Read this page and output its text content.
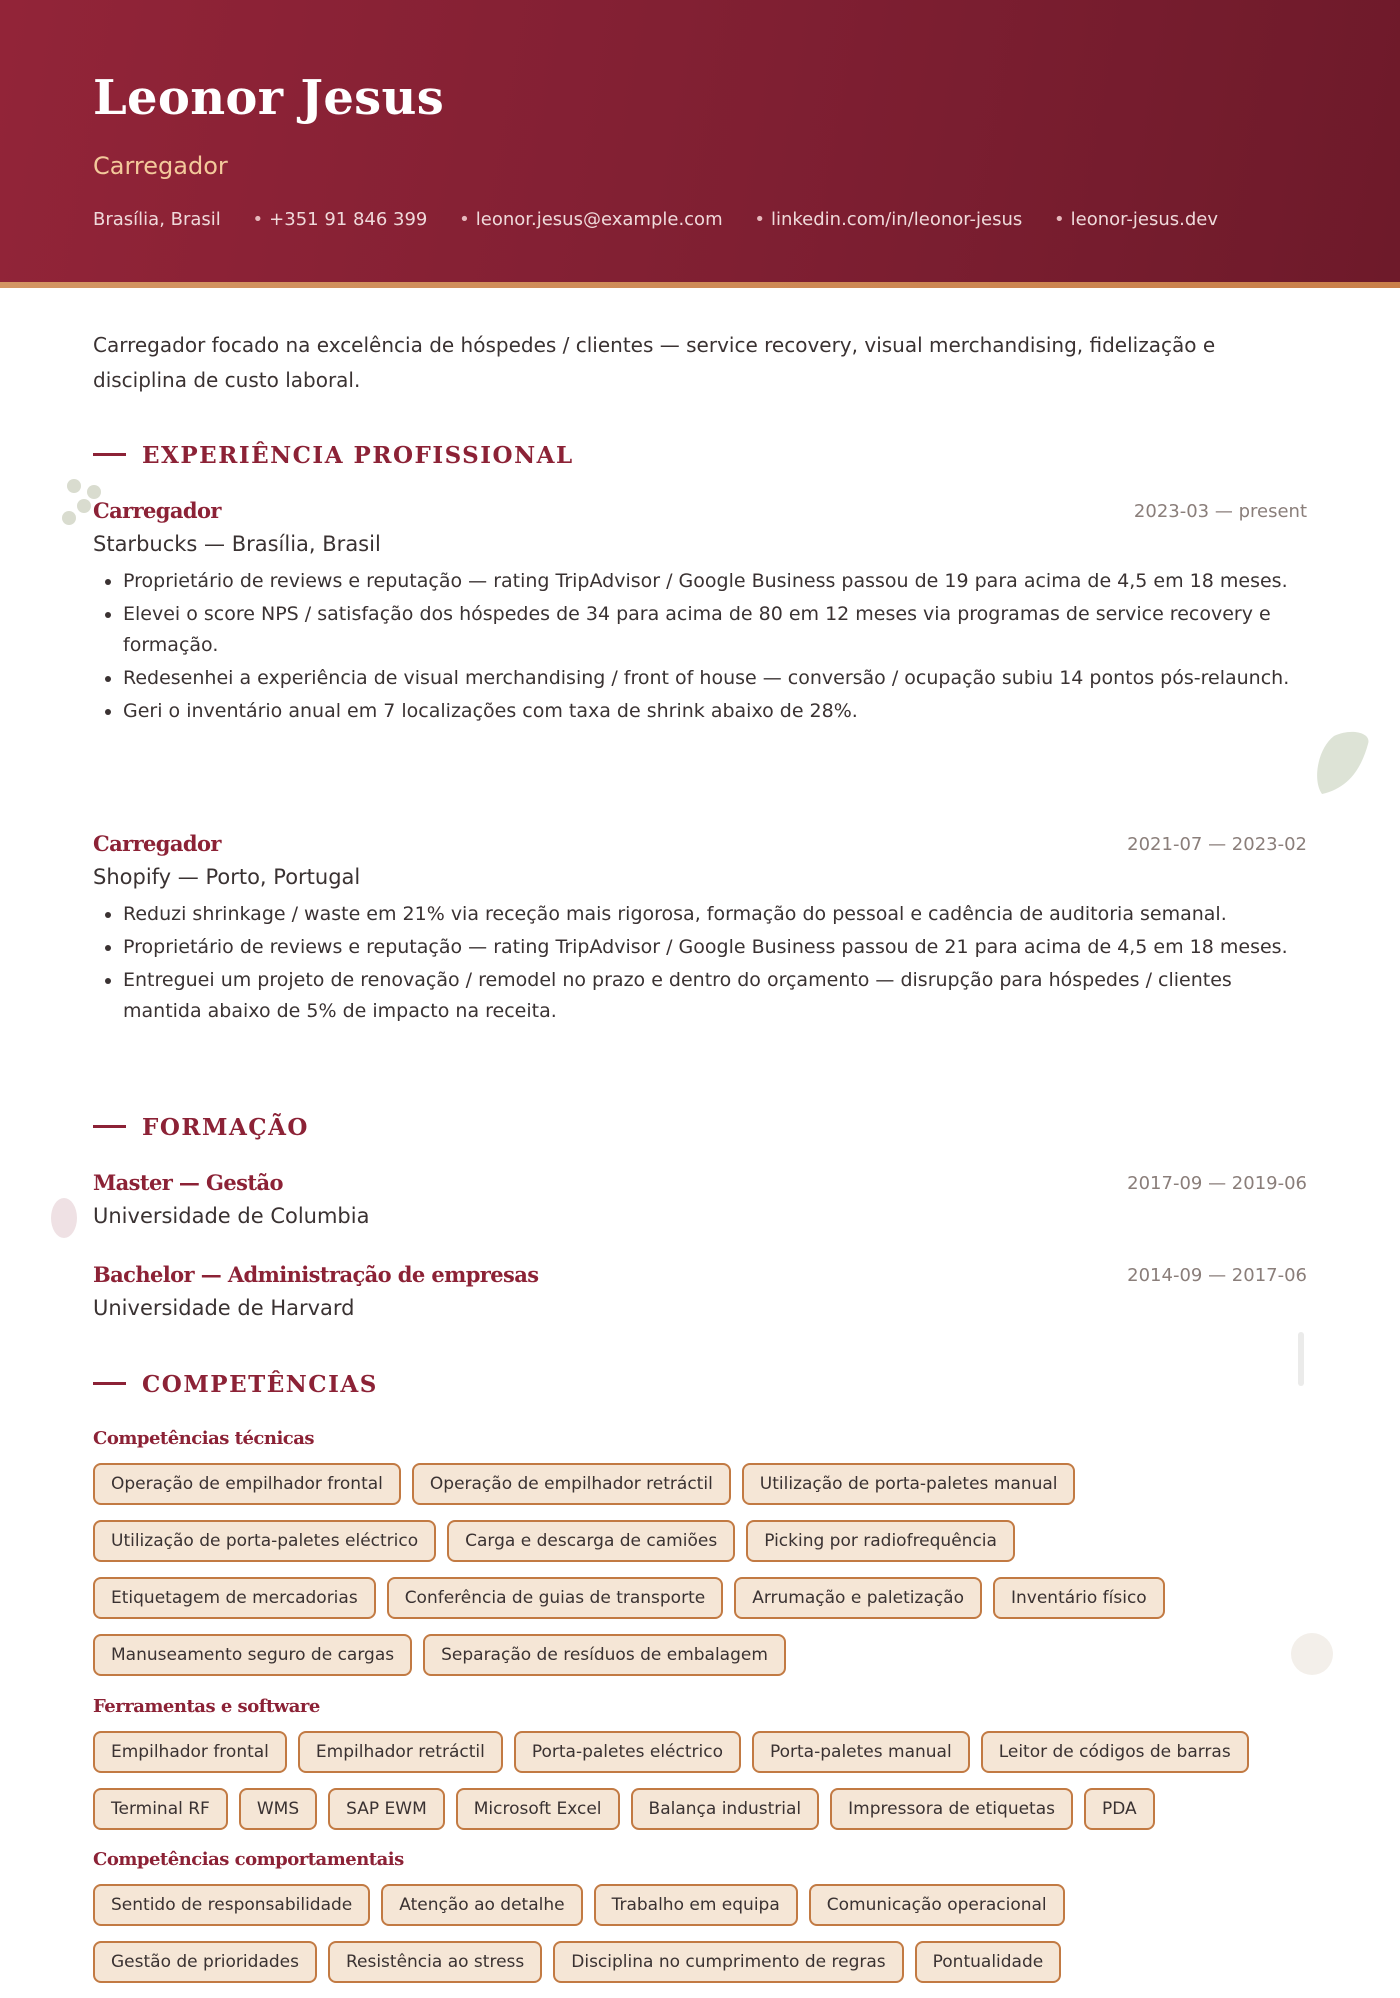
Leonor Jesus
Carregador
Brasília, Brasil	• +351 91 846 399	• leonor.jesus@example.com	• linkedin.com/in/leonor-jesus	• leonor-jesus.dev
Carregador focado na excelência de hóspedes / clientes — service recovery, visual merchandising, fidelização e disciplina de custo laboral.
EXPERIÊNCIA PROFISSIONAL
Carregador	2023-03 — present
Starbucks — Brasília, Brasil
• Proprietário de reviews e reputação — rating TripAdvisor / Google Business passou de 19 para acima de 4,5 em 18 meses.
• Elevei o score NPS / satisfação dos hóspedes de 34 para acima de 80 em 12 meses via programas de service recovery e formação.
• Redesenhei a experiência de visual merchandising / front of house — conversão / ocupação subiu 14 pontos pós-relaunch.
• Geri o inventário anual em 7 localizações com taxa de shrink abaixo de 28%.
Carregador	2021-07 — 2023-02
Shopify — Porto, Portugal
• Reduzi shrinkage / waste em 21% via receção mais rigorosa, formação do pessoal e cadência de auditoria semanal.
• Proprietário de reviews e reputação — rating TripAdvisor / Google Business passou de 21 para acima de 4,5 em 18 meses.
• Entreguei um projeto de renovação / remodel no prazo e dentro do orçamento — disrupção para hóspedes / clientes mantida abaixo de 5% de impacto na receita.
FORMAÇÃO
Master — Gestão	2017-09 — 2019-06
Universidade de Columbia
Bachelor — Administração de empresas	2014-09 — 2017-06
Universidade de Harvard
COMPETÊNCIAS
Competências técnicas
Operação de empilhador frontal	Operação de empilhador retráctil	Utilização de porta-paletes manual
Utilização de porta-paletes eléctrico	Carga e descarga de camiões	Picking por radiofrequência
Etiquetagem de mercadorias	Conferência de guias de transporte	Arrumação e paletização	Inventário físico
Manuseamento seguro de cargas	Separação de resíduos de embalagem
Ferramentas e software
Empilhador frontal	Empilhador retráctil	Porta-paletes eléctrico	Porta-paletes manual	Leitor de códigos de barras
Terminal RF	WMS	SAP EWM	Microsoft Excel	Balança industrial	Impressora de etiquetas	PDA
Competências comportamentais
Sentido de responsabilidade	Atenção ao detalhe	Trabalho em equipa	Comunicação operacional
Gestão de prioridades	Resistência ao stress	Disciplina no cumprimento de regras	Pontualidade
